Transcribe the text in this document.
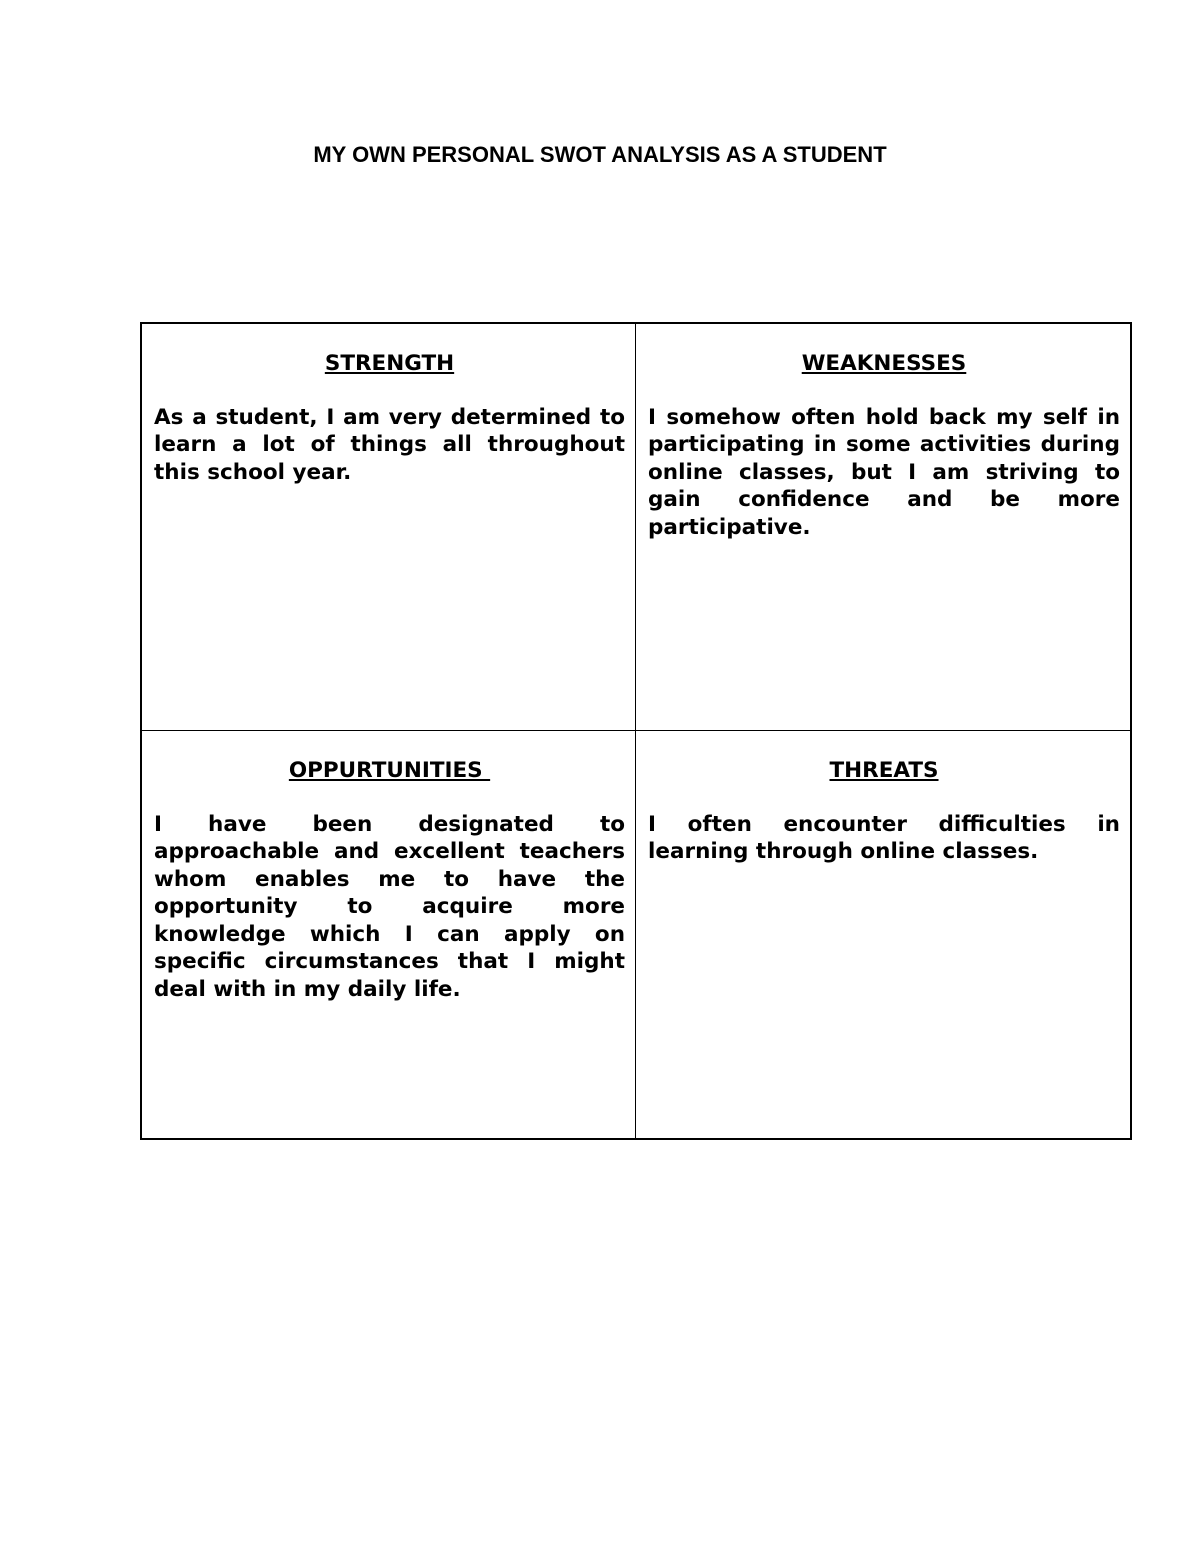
MY OWN PERSONAL SWOT ANALYSIS AS A STUDENT

STRENGTH

As a student, I am very determined to learn a lot of things all throughout this school year.

WEAKNESSES

I somehow often hold back my self in participating in some activities during online classes, but I am striving to gain confidence and be more participative.

OPPURTUNITIES

I have been designated to approachable and excellent teachers whom enables me to have the opportunity to acquire more knowledge which I can apply on specific circumstances that I might deal with in my daily life.

THREATS

I often encounter difficulties in learning through online classes.
